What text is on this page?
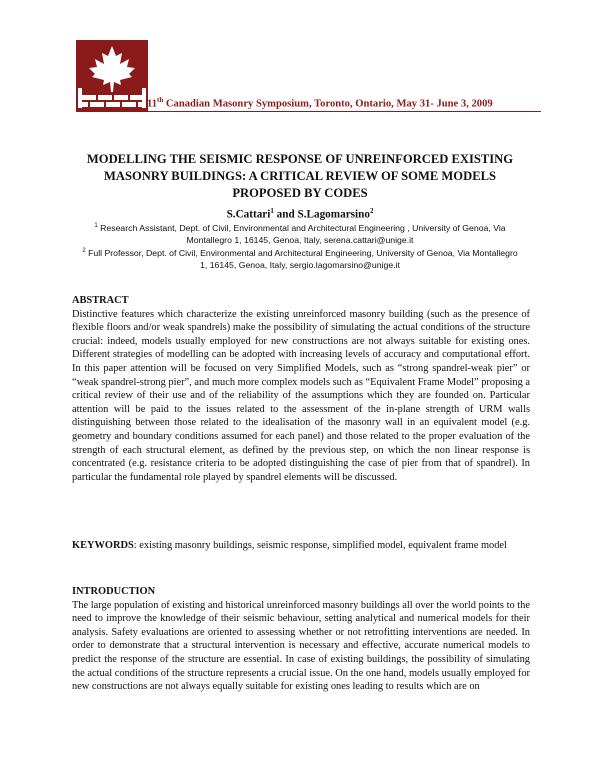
11th Canadian Masonry Symposium, Toronto, Ontario, May 31- June 3, 2009
MODELLING THE SEISMIC RESPONSE OF UNREINFORCED EXISTING MASONRY BUILDINGS: A CRITICAL REVIEW OF SOME MODELS PROPOSED BY CODES
S.Cattari$^1$ and S.Lagomarsino$^2$
$^1$ Research Assistant, Dept. of Civil, Environmental and Architectural Engineering , University of Genoa, Via Montallegro 1, 16145, Genoa, Italy, serena.cattari@unige.it
$^2$ Full Professor, Dept. of Civil, Environmental and Architectural Engineering, University of Genoa, Via Montallegro 1, 16145, Genoa, Italy, sergio.lagomarsino@unige.it
ABSTRACT

Distinctive features which characterize the existing unreinforced masonry building (such as the presence of flexible floors and/or weak spandrels) make the possibility of simulating the actual conditions of the structure crucial: indeed, models usually employed for new constructions are not always suitable for existing ones. Different strategies of modelling can be adopted with increasing levels of accuracy and computational effort. In this paper attention will be focused on very Simplified Models, such as “strong spandrel-weak pier” or “weak spandrel-strong pier”, and much more complex models such as “Equivalent Frame Model” proposing a critical review of their use and of the reliability of the assumptions which they are founded on. Particular attention will be paid to the issues related to the assessment of the in-plane strength of URM walls distinguishing between those related to the idealisation of the masonry wall in an equivalent model (e.g. geometry and boundary conditions assumed for each panel) and those related to the proper evaluation of the strength of each structural element, as defined by the previous step, on which the non linear response is concentrated (e.g. resistance criteria to be adopted distinguishing the case of pier from that of spandrel). In particular the fundamental role played by spandrel elements will be discussed.

KEYWORDS: existing masonry buildings, seismic response, simplified model, equivalent frame model

INTRODUCTION

The large population of existing and historical unreinforced masonry buildings all over the world points to the need to improve the knowledge of their seismic behaviour, setting analytical and numerical models for their analysis. Safety evaluations are oriented to assessing whether or not retrofitting interventions are needed. In order to demonstrate that a structural intervention is necessary and effective, accurate numerical models to predict the response of the structure are essential. In case of existing buildings, the possibility of simulating the actual conditions of the structure represents a crucial issue. On the one hand, models usually employed for new constructions are not always equally suitable for existing ones leading to results which are on
